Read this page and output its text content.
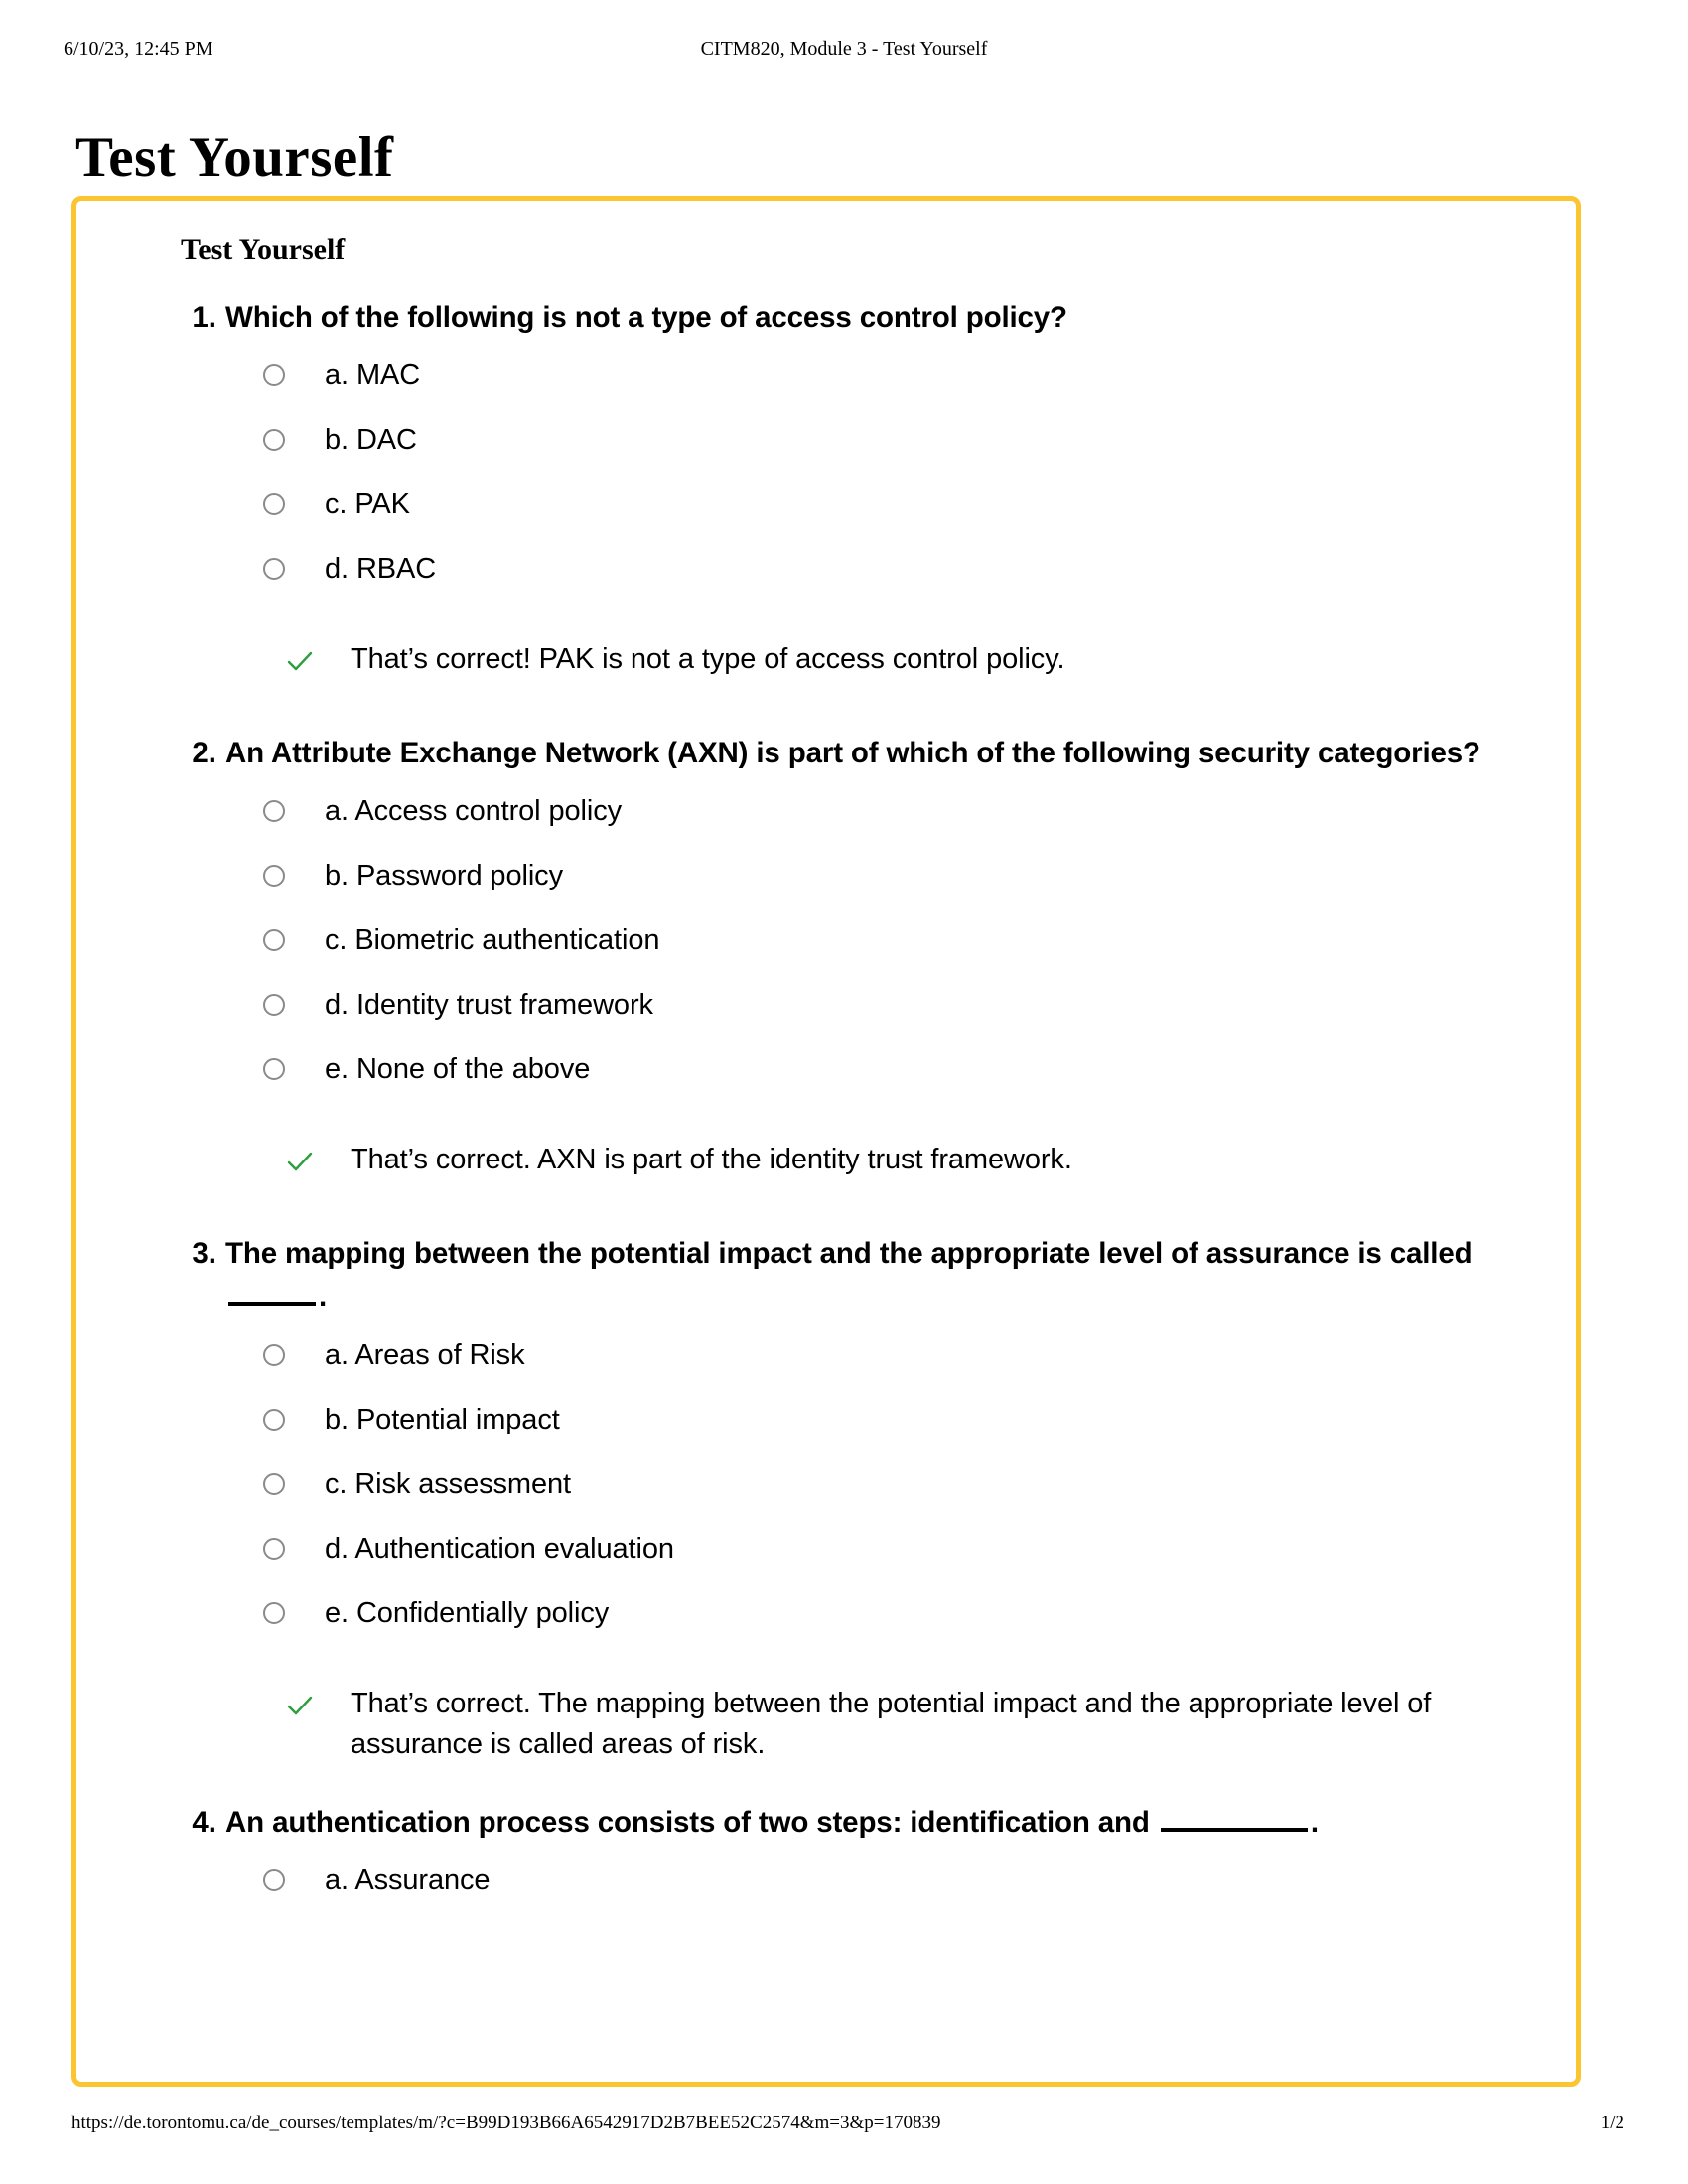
6/10/23, 12:45 PM	CITM820, Module 3 - Test Yourself
Test Yourself
Test Yourself
1. Which of the following is not a type of access control policy?

a. MAC
b. DAC
c. PAK
d. RBAC
That’s correct! PAK is not a type of access control policy.
2. An Attribute Exchange Network (AXN) is part of which of the following security categories?

a. Access control policy
b. Password policy
c. Biometric authentication
d. Identity trust framework
e. None of the above
That’s correct. AXN is part of the identity trust framework.
3. The mapping between the potential impact and the appropriate level of assurance is called .

a. Areas of Risk
b. Potential impact
c. Risk assessment
d. Authentication evaluation
e. Confidentially policy
That’s correct. The mapping between the potential impact and the appropriate level of assurance is called areas of risk.
4. An authentication process consists of two steps: identification and	.

a. Assurance
https://de.torontomu.ca/de_courses/templates/m/?c=B99D193B66A6542917D2B7BEE52C2574&m=3&p=170839	1/2
